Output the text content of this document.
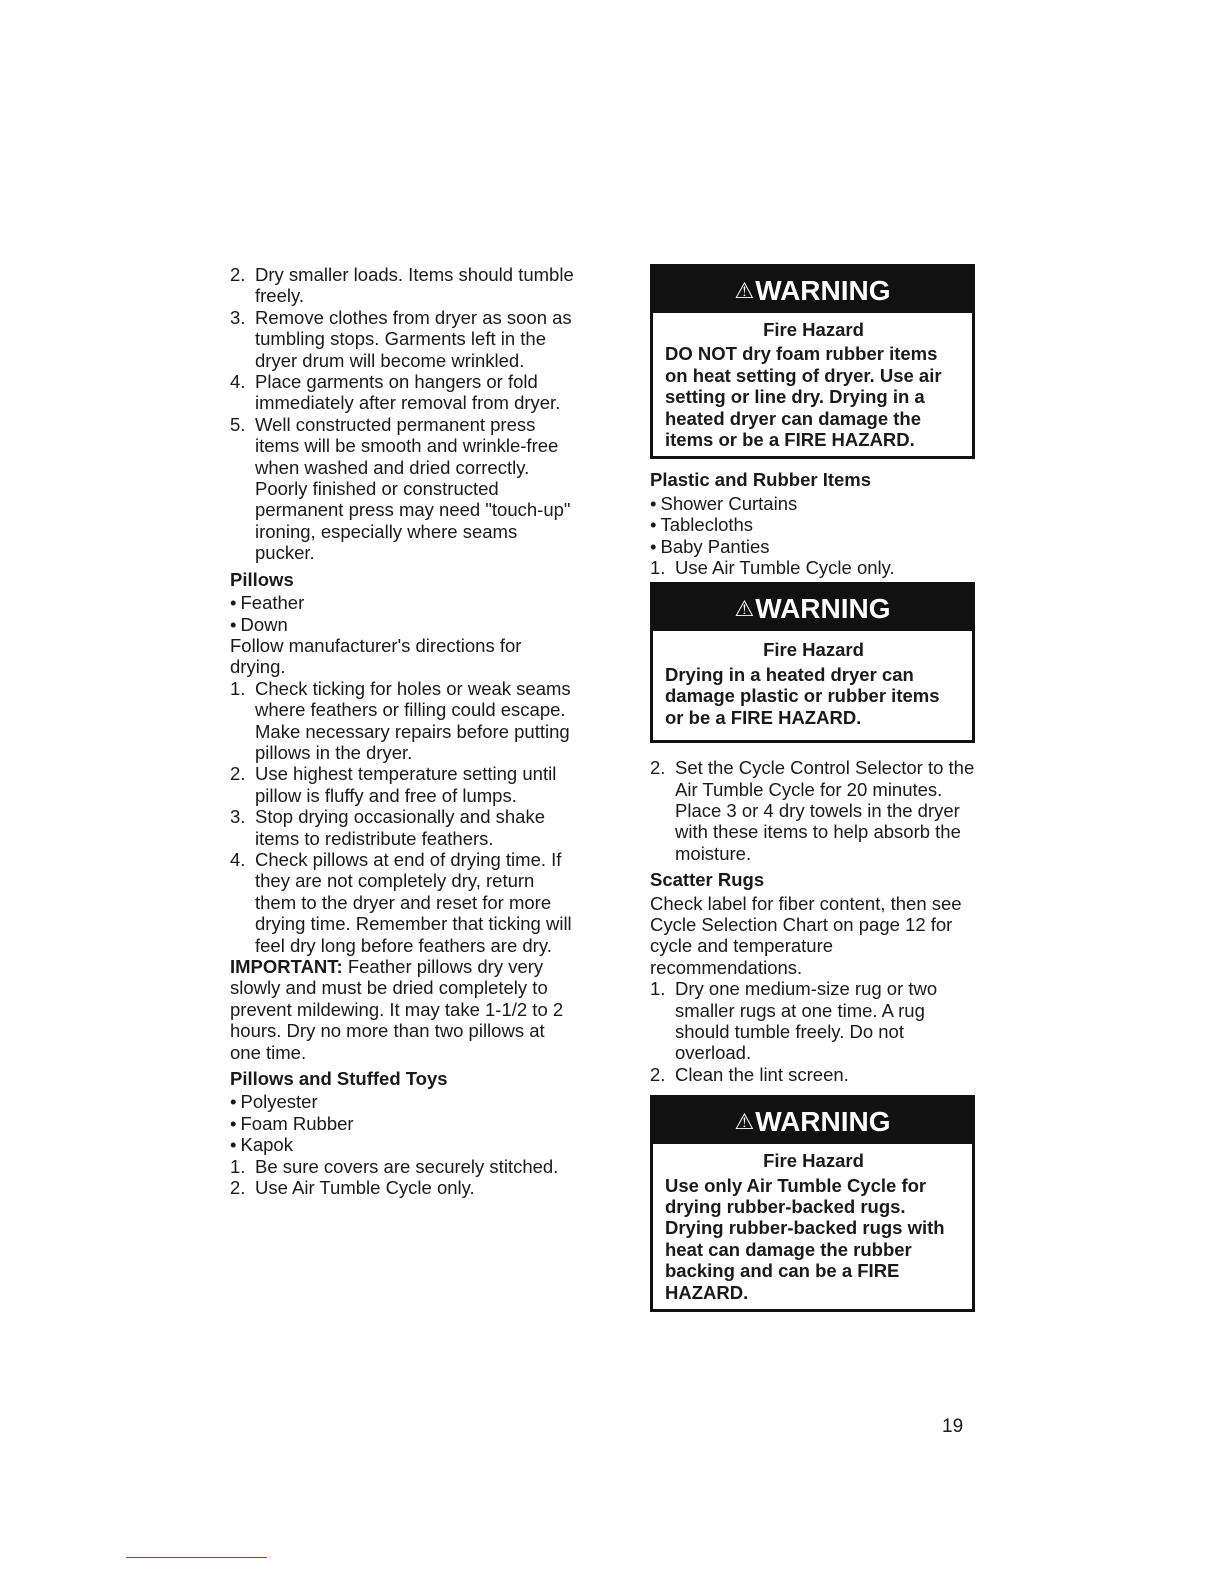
2. Dry smaller loads. Items should tumble freely.
3. Remove clothes from dryer as soon as tumbling stops. Garments left in the dryer drum will become wrinkled.
4. Place garments on hangers or fold immediately after removal from dryer.
5. Well constructed permanent press items will be smooth and wrinkle-free when washed and dried correctly. Poorly finished or constructed permanent press may need "touch-up" ironing, especially where seams pucker.
Pillows
• Feather
• Down
Follow manufacturer's directions for drying.
1. Check ticking for holes or weak seams where feathers or filling could escape. Make necessary repairs before putting pillows in the dryer.
2. Use highest temperature setting until pillow is fluffy and free of lumps.
3. Stop drying occasionally and shake items to redistribute feathers.
4. Check pillows at end of drying time. If they are not completely dry, return them to the dryer and reset for more drying time. Remember that ticking will feel dry long before feathers are dry.
IMPORTANT: Feather pillows dry very slowly and must be dried completely to prevent mildewing. It may take 1-1/2 to 2 hours. Dry no more than two pillows at one time.
Pillows and Stuffed Toys
• Polyester
• Foam Rubber
• Kapok
1. Be sure covers are securely stitched.
2. Use Air Tumble Cycle only.
⚠WARNING
Fire Hazard
DO NOT dry foam rubber items on heat setting of dryer. Use air setting or line dry. Drying in a heated dryer can damage the items or be a FIRE HAZARD.
Plastic and Rubber Items
• Shower Curtains
• Tablecloths
• Baby Panties
1. Use Air Tumble Cycle only.
⚠WARNING
Fire Hazard
Drying in a heated dryer can damage plastic or rubber items or be a FIRE HAZARD.
2. Set the Cycle Control Selector to the Air Tumble Cycle for 20 minutes. Place 3 or 4 dry towels in the dryer with these items to help absorb the moisture.
Scatter Rugs
Check label for fiber content, then see Cycle Selection Chart on page 12 for cycle and temperature recommendations.
1. Dry one medium-size rug or two smaller rugs at one time. A rug should tumble freely. Do not overload.
2. Clean the lint screen.
⚠WARNING
Fire Hazard
Use only Air Tumble Cycle for drying rubber-backed rugs. Drying rubber-backed rugs with heat can damage the rubber backing and can be a FIRE HAZARD.
19
